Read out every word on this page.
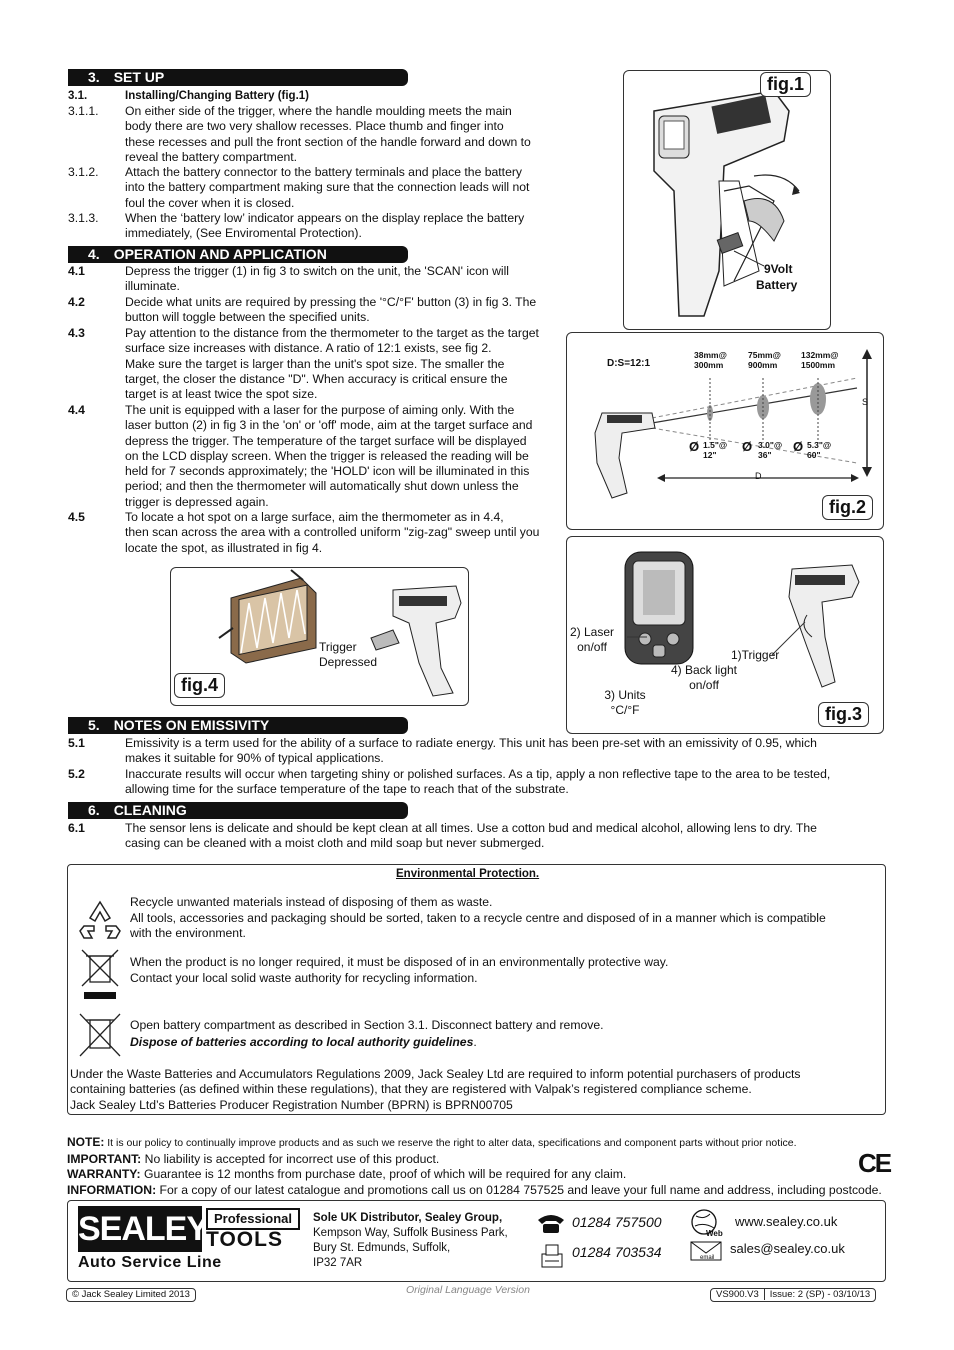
3. SET UP
3.1.	Installing/Changing Battery (fig.1)
3.1.1. On either side of the trigger, where the handle moulding meets the main
body there are two very shallow recesses. Place thumb and finger into
these recesses and pull the front section of the handle forward and down to
reveal the battery compartment.
3.1.2. Attach the battery connector to the battery terminals and place the battery
into the battery compartment making sure that the connection leads will not
foul the cover when it is closed.
3.1.3. When the ‘battery low’ indicator appears on the display replace the battery
immediately, (See Enviromental Protection).
4. OPERATION AND APPLICATION
4.1	Depress the trigger (1) in fig 3 to switch on the unit, the 'SCAN' icon will
illuminate.
4.2	Decide what units are required by pressing the '°C/°F' button (3) in fig 3. The
button will toggle between the specified units.
4.3	Pay attention to the distance from the thermometer to the target as the target
surface size increases with distance. A ratio of 12:1 exists, see fig 2.
Make sure the target is larger than the unit's spot size. The smaller the
target, the closer the distance "D". When accuracy is critical ensure the
target is at least twice the spot size.
4.4	The unit is equipped with a laser for the purpose of aiming only. With the
laser button (2) in fig 3 in the 'on' or 'off' mode, aim at the target surface and
depress the trigger. The temperature of the target surface will be displayed
on the LCD display screen. When the trigger is released the reading will be
held for 7 seconds approximately; the 'HOLD' icon will be illuminated in this
period; and then the thermometer will automatically shut down unless the
trigger is depressed again.
4.5	To locate a hot spot on a large surface, aim the thermometer as in 4.4,
then scan across the area with a controlled uniform "zig-zag" sweep until you
locate the spot, as illustrated in fig 4.
fig.1
9Volt
Battery
D:S=12:1
38mm@
300mm
75mm@
900mm
132mm@
1500mm
Ø 1.5"@
12"
Ø 3.0"@
36"
Ø 5.3"@
60"
S
D
fig.2
2) Laser
on/off
4) Back light
on/off
3) Units
°C/°F
1)Trigger
fig.3
Trigger
Depressed
fig.4
5. NOTES ON EMISSIVITY
5.1	Emissivity is a term used for the ability of a surface to radiate energy. This unit has been pre-set with an emissivity of 0.95, which
makes it suitable for 90% of typical applications.
5.2	Inaccurate results will occur when targeting shiny or polished surfaces. As a tip, apply a non reflective tape to the area to be tested,
allowing time for the surface temperature of the tape to reach that of the substrate.
6. CLEANING
6.1	The sensor lens is delicate and should be kept clean at all times. Use a cotton bud and medical alcohol, allowing lens to dry. The
casing can be cleaned with a moist cloth and mild soap but never submerged.
Environmental Protection.
Recycle unwanted materials instead of disposing of them as waste.
All tools, accessories and packaging should be sorted, taken to a recycle centre and disposed of in a manner which is compatible
with the environment.
When the product is no longer required, it must be disposed of in an environmentally protective way.
Contact your local solid waste authority for recycling information.
Open battery compartment as described in Section 3.1. Disconnect battery and remove.
Dispose of batteries according to local authority guidelines.
Under the Waste Batteries and Accumulators Regulations 2009, Jack Sealey Ltd are required to inform potential purchasers of products
containing batteries (as defined within these regulations), that they are registered with Valpak’s registered compliance scheme.
Jack Sealey Ltd’s Batteries Producer Registration Number (BPRN) is BPRN00705
NOTE: It is our policy to continually improve products and as such we reserve the right to alter data, specifications and component parts without prior notice.
IMPORTANT: No liability is accepted for incorrect use of this product.
WARRANTY: Guarantee is 12 months from purchase date, proof of which will be required for any claim.
INFORMATION: For a copy of our latest catalogue and promotions call us on 01284 757525 and leave your full name and address, including postcode.
CE
SEALEY Professional
TOOLS
Auto Service Line
Sole UK Distributor, Sealey Group,
Kempson Way, Suffolk Business Park,
Bury St. Edmunds, Suffolk,
IP32 7AR
01284 757500
01284 703534
Web
www.sealey.co.uk
email
sales@sealey.co.uk
© Jack Sealey Limited 2013	Original Language Version	VS900.V3 Issue: 2 (SP) - 03/10/13
